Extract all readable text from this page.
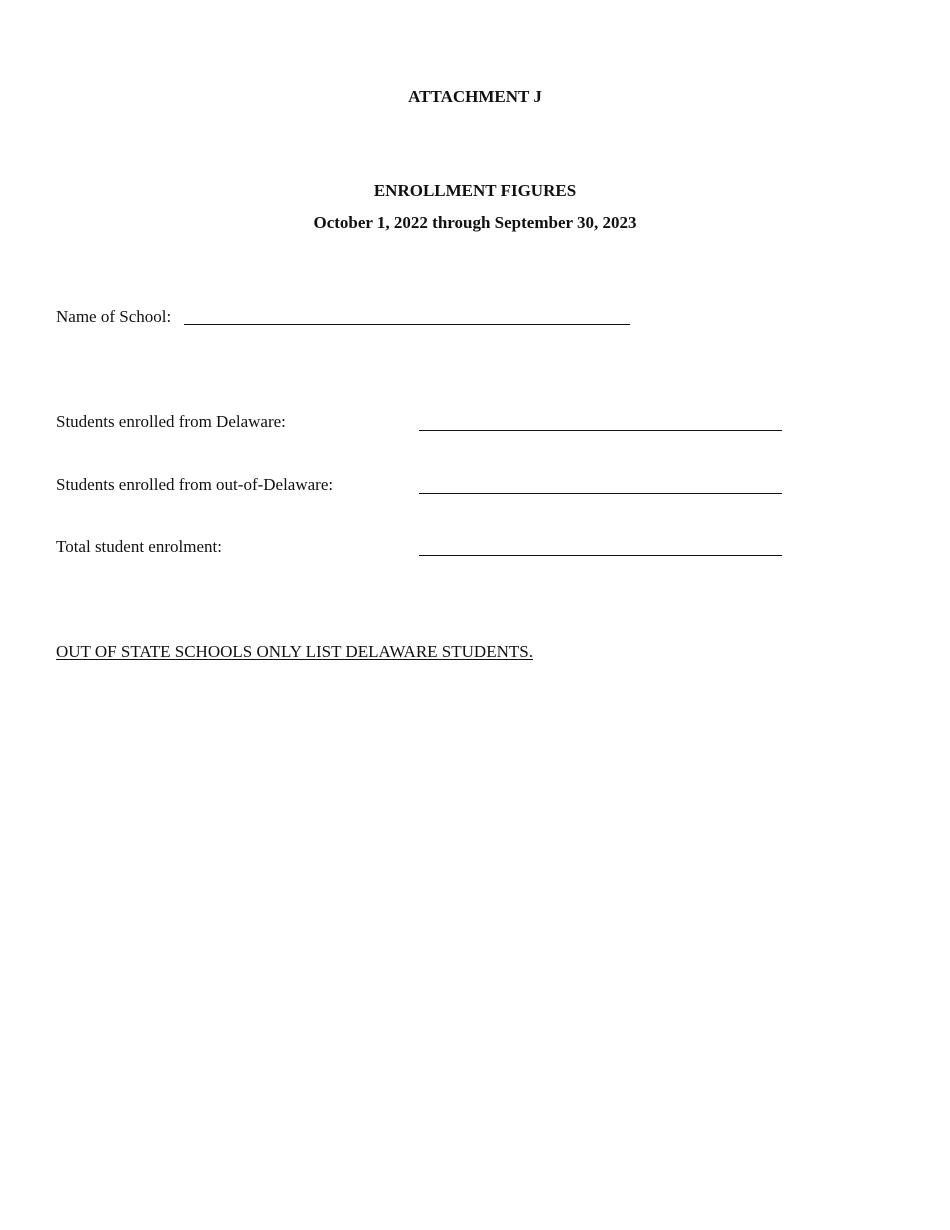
ATTACHMENT J
ENROLLMENT FIGURES
October 1, 2022 through September 30, 2023
Name of School:
Students enrolled from Delaware:
Students enrolled from out-of-Delaware:
Total student enrolment:
OUT OF STATE SCHOOLS ONLY LIST DELAWARE STUDENTS.
